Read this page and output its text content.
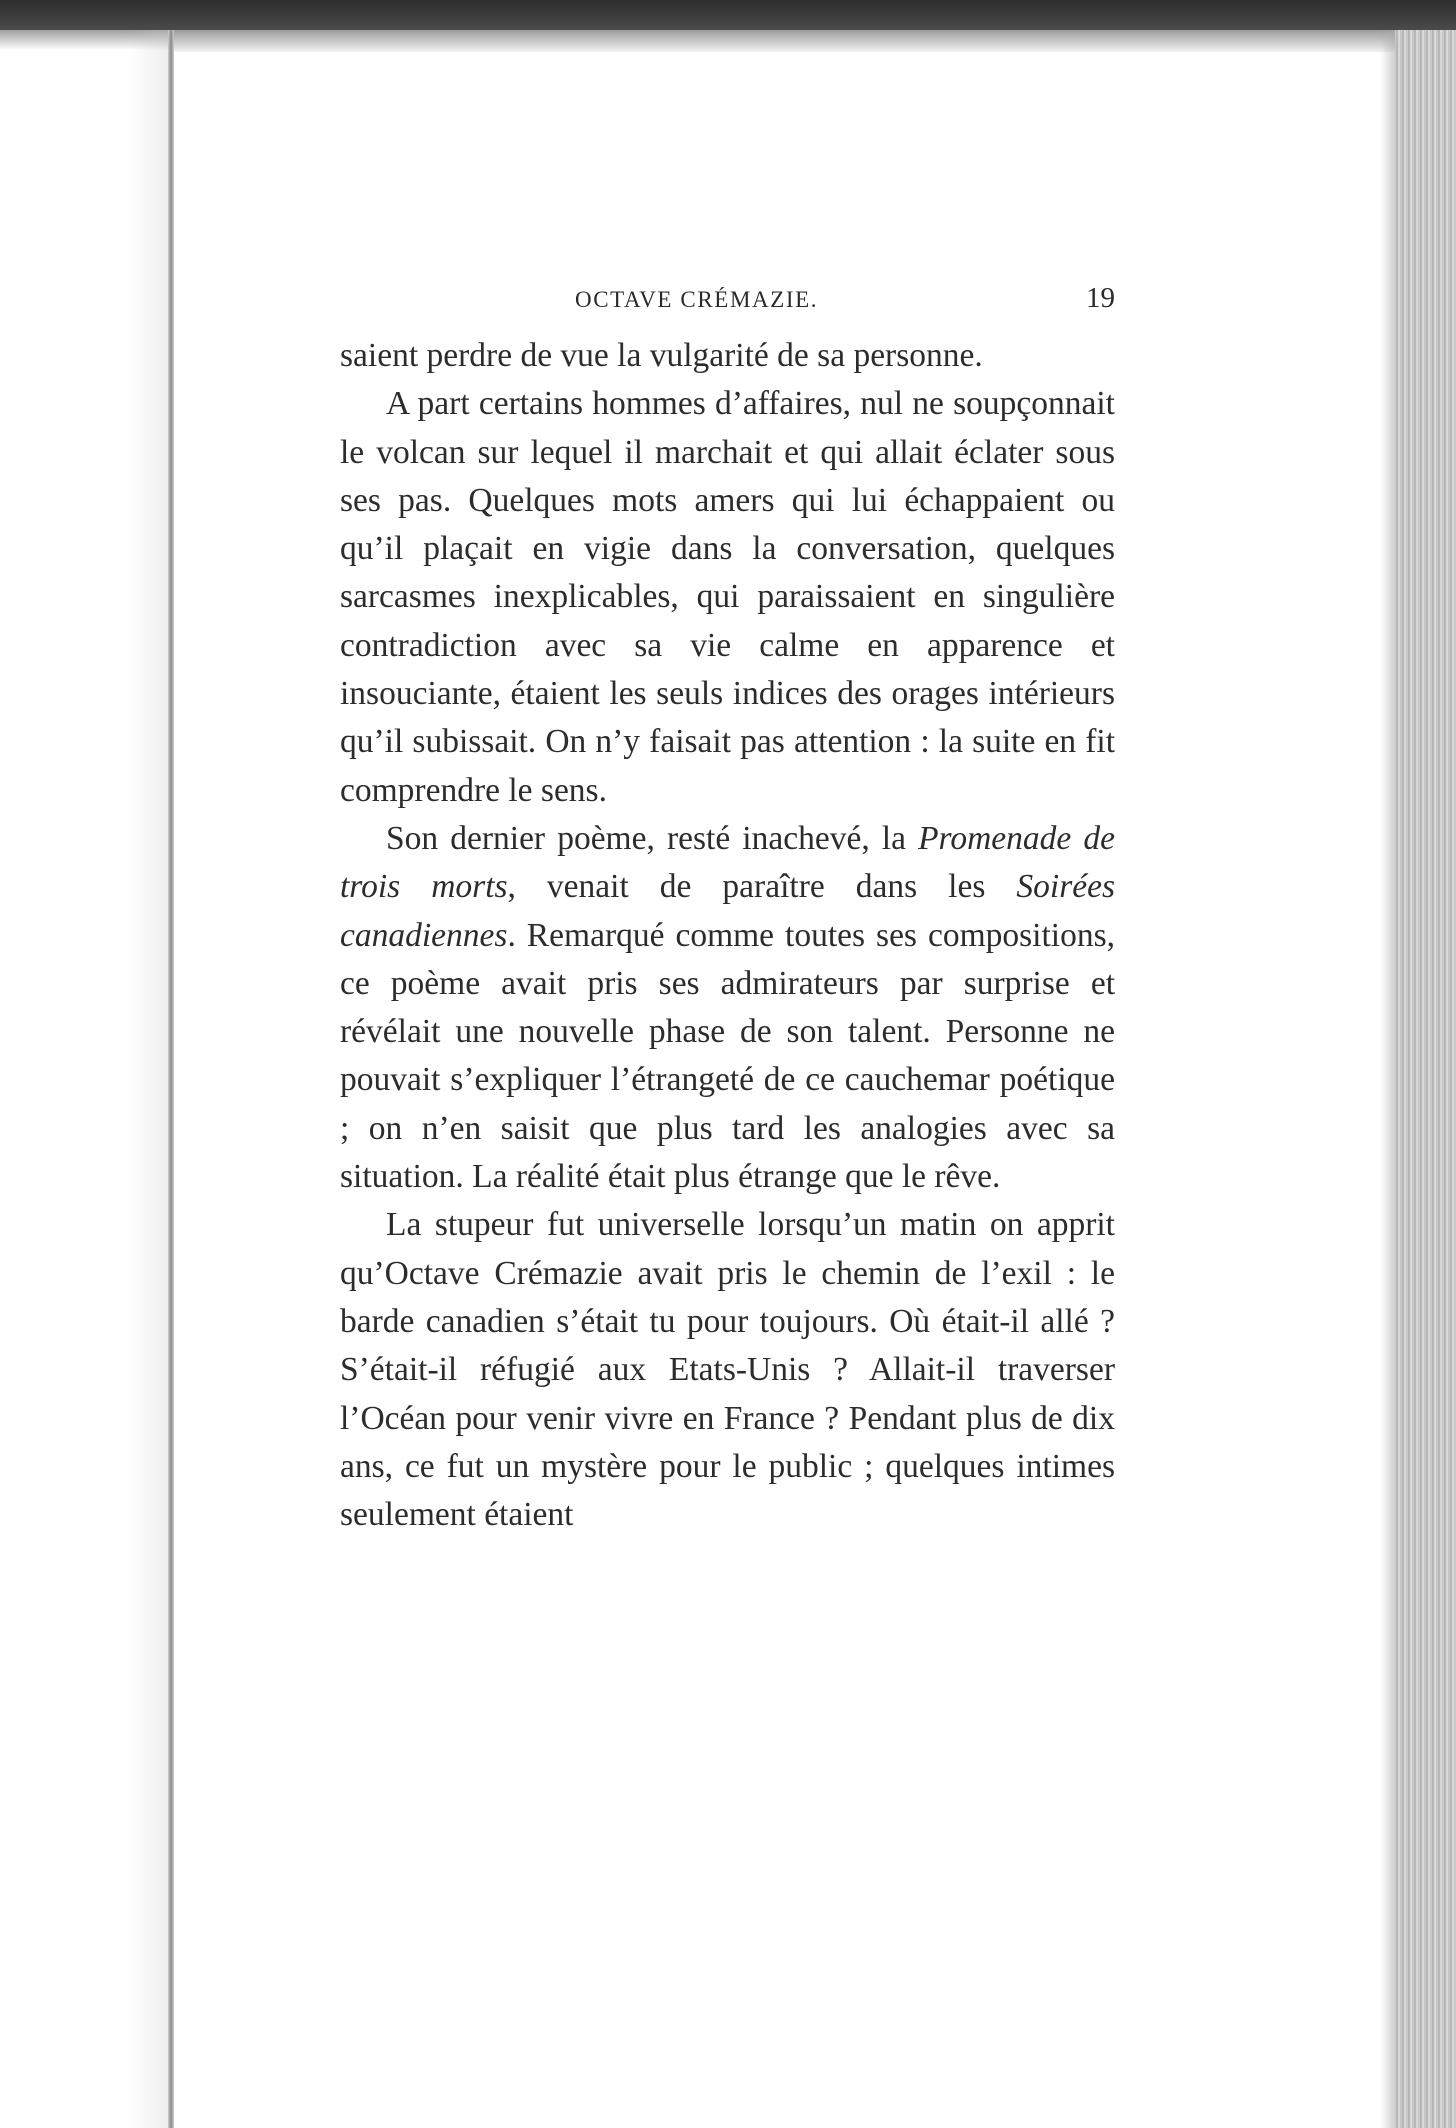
OCTAVE CRÉMAZIE.	19

saient perdre de vue la vulgarité de sa personne.

A part certains hommes d’affaires, nul ne soupçonnait le volcan sur lequel il marchait et qui allait éclater sous ses pas. Quelques mots amers qui lui échappaient ou qu’il plaçait en vigie dans la conversation, quelques sarcasmes inexplicables, qui paraissaient en singulière contradiction avec sa vie calme en apparence et insouciante, étaient les seuls indices des orages intérieurs qu’il subissait. On n’y faisait pas attention : la suite en fit comprendre le sens.

Son dernier poème, resté inachevé, la Promenade de trois morts, venait de paraître dans les Soirées canadiennes. Remarqué comme toutes ses compositions, ce poème avait pris ses admirateurs par surprise et révélait une nouvelle phase de son talent. Personne ne pouvait s’expliquer l’étrangeté de ce cauchemar poétique ; on n’en saisit que plus tard les analogies avec sa situation. La réalité était plus étrange que le rêve.

La stupeur fut universelle lorsqu’un matin on apprit qu’Octave Crémazie avait pris le chemin de l’exil : le barde canadien s’était tu pour toujours. Où était-il allé ? S’était-il réfugié aux Etats-Unis ? Allait-il traverser l’Océan pour venir vivre en France ? Pendant plus de dix ans, ce fut un mystère pour le public ; quelques intimes seulement étaient
